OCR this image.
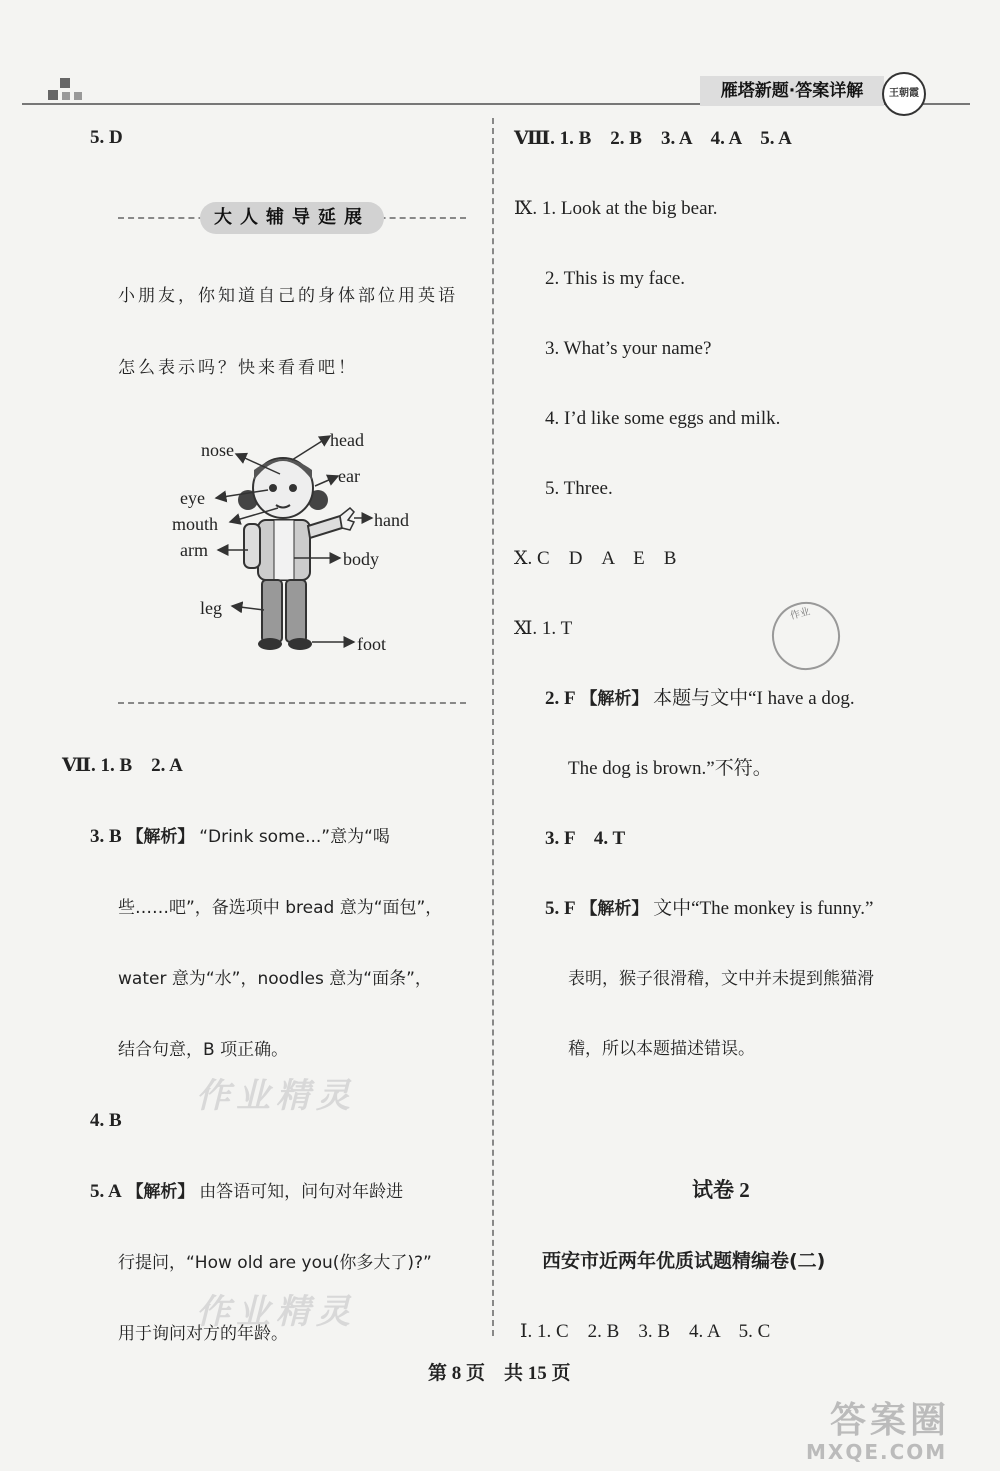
雁塔新题·答案详解	王朝霞
5. D
大人辅导延展
小朋友，你知道自己的身体部位用英语
怎么表示吗？快来看看吧！
nose	head
ear
eye
mouth	hand
arm	body
leg
foot
Ⅶ. 1. B　2. A
3. B 【解析】 “Drink some...”意为“喝
些……吧”，备选项中 bread 意为“面包”，
water 意为“水”，noodles 意为“面条”，
结合句意，B 项正确。
作业精灵
4. B
5. A 【解析】 由答语可知，问句对年龄进
行提问，“How old are you(你多大了)?”
作业精灵
用于询问对方的年龄。
Ⅷ. 1. B　2. B　3. A　4. A　5. A
Ⅸ. 1. Look at the big bear.
2. This is my face.
3. What’s your name?
4. I’d like some eggs and milk.
5. Three.
Ⅹ. C　D　A　E　B
Ⅺ. 1. T
作业
2. F 【解析】 本题与文中“I have a dog.
The dog is brown.”不符。
3. F　4. T
5. F 【解析】 文中“The monkey is funny.”
表明，猴子很滑稽，文中并未提到熊猫滑
稽，所以本题描述错误。
试卷 2
西安市近两年优质试题精编卷(二)
Ⅰ. 1. C　2. B　3. B　4. A　5. C
第 8 页　共 15 页
答案圈
MXQE.COM
